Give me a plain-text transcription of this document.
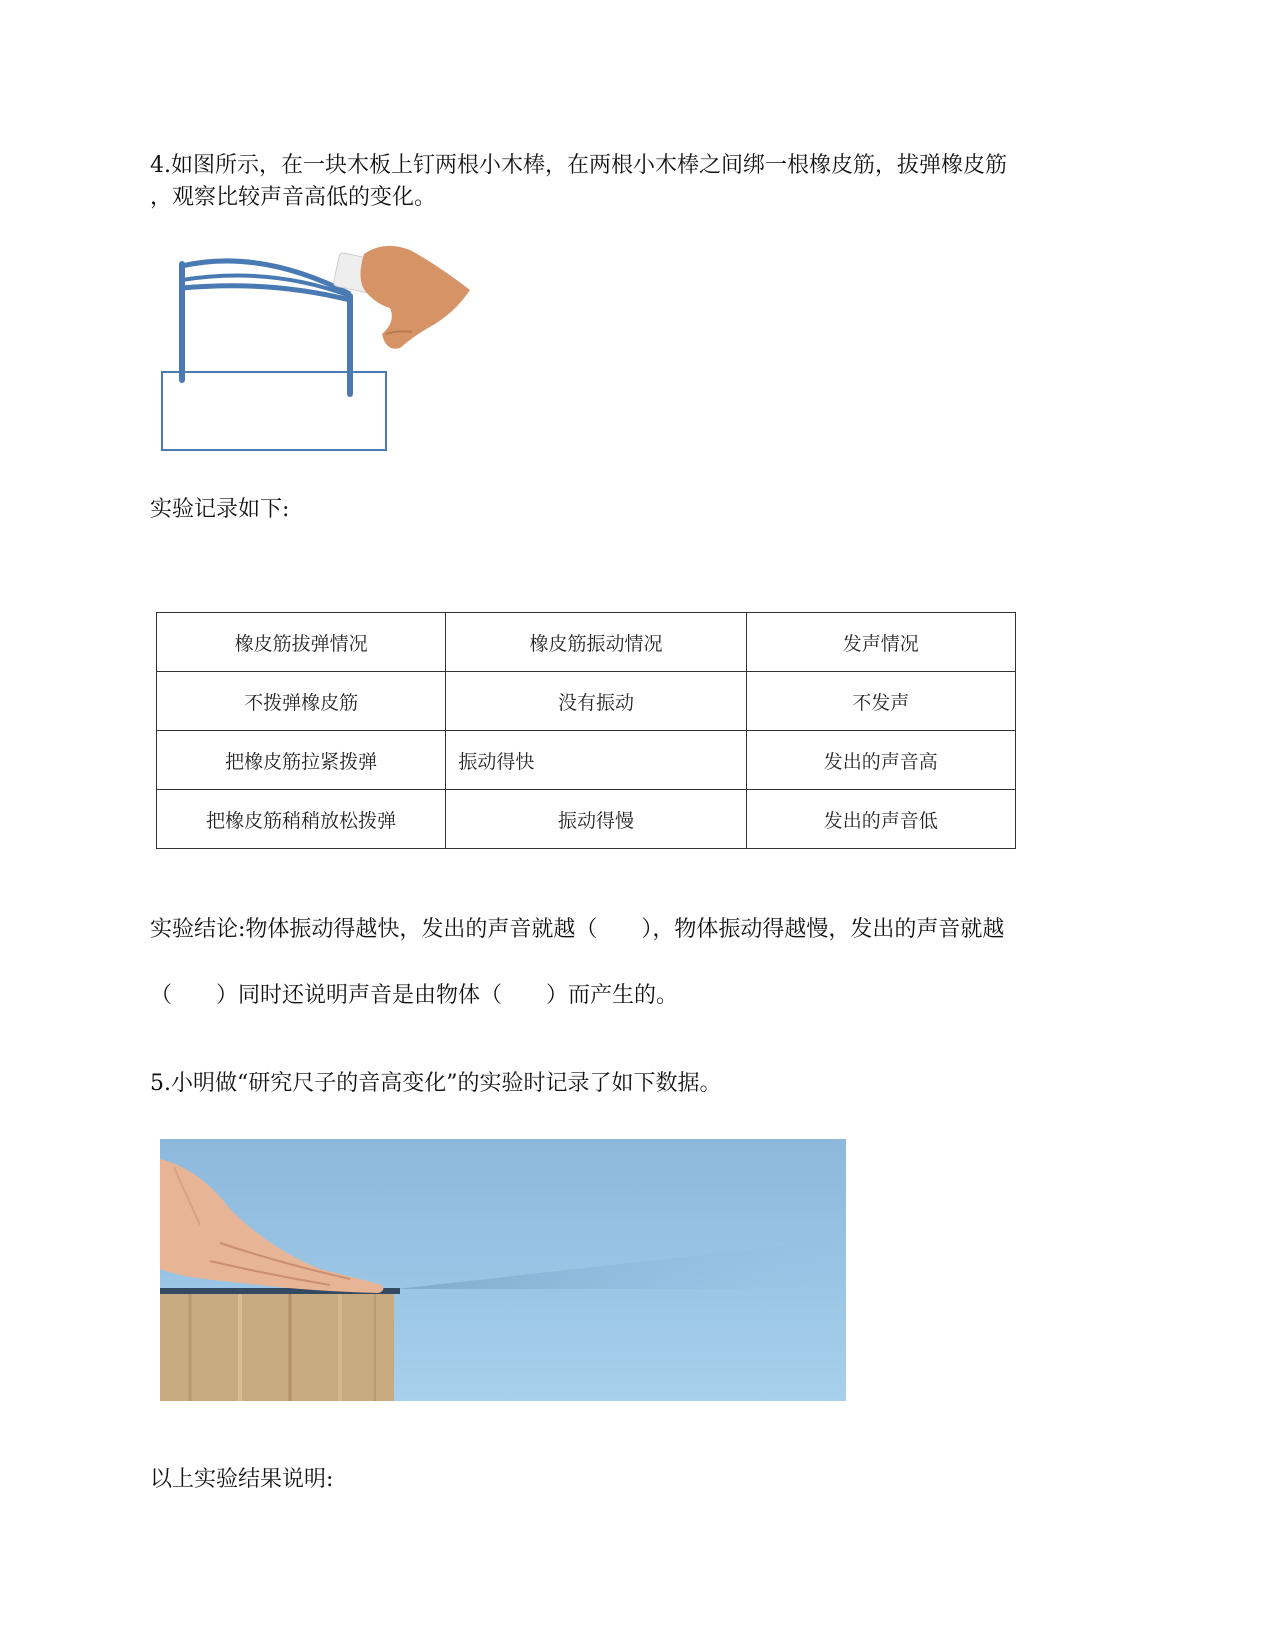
4.如图所示，在一块木板上钉两根小木棒，在两根小木棒之间绑一根橡皮筋，拔弹橡皮筋

，观察比较声音高低的变化。

实验记录如下:

橡皮筋拔弹情况	橡皮筋振动情况	发声情况
不拨弹橡皮筋	没有振动	不发声
把橡皮筋拉紧拨弹	振动得快	发出的声音高
把橡皮筋稍稍放松拨弹	振动得慢	发出的声音低

实验结论:物体振动得越快，发出的声音就越（　　），物体振动得越慢，发出的声音就越

（　　）同时还说明声音是由物体（　　）而产生的。

5.小明做“研究尺子的音高变化”的实验时记录了如下数据。

以上实验结果说明:
